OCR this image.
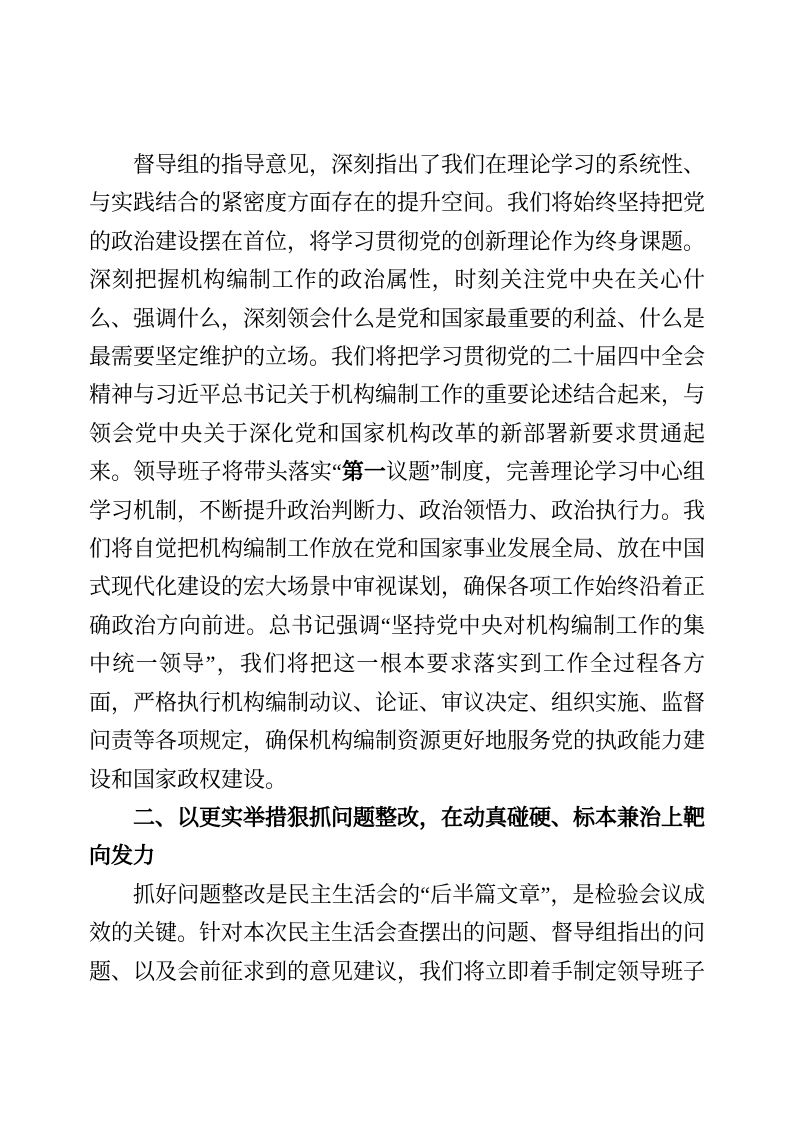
督导组的指导意见，深刻指出了我们在理论学习的系统性、与实践结合的紧密度方面存在的提升空间。我们将始终坚持把党的政治建设摆在首位，将学习贯彻党的创新理论作为终身课题。深刻把握机构编制工作的政治属性，时刻关注党中央在关心什么、强调什么，深刻领会什么是党和国家最重要的利益、什么是最需要坚定维护的立场。我们将把学习贯彻党的二十届四中全会精神与习近平总书记关于机构编制工作的重要论述结合起来，与领会党中央关于深化党和国家机构改革的新部署新要求贯通起来。领导班子将带头落实“第一议题”制度，完善理论学习中心组学习机制，不断提升政治判断力、政治领悟力、政治执行力。我们将自觉把机构编制工作放在党和国家事业发展全局、放在中国式现代化建设的宏大场景中审视谋划，确保各项工作始终沿着正确政治方向前进。总书记强调“坚持党中央对机构编制工作的集中统一领导”，我们将把这一根本要求落实到工作全过程各方面，严格执行机构编制动议、论证、审议决定、组织实施、监督问责等各项规定，确保机构编制资源更好地服务党的执政能力建设和国家政权建设。

二、以更实举措狠抓问题整改，在动真碰硬、标本兼治上靶向发力

抓好问题整改是民主生活会的“后半篇文章”，是检验会议成效的关键。针对本次民主生活会查摆出的问题、督导组指出的问题、以及会前征求到的意见建议，我们将立即着手制定领导班子
